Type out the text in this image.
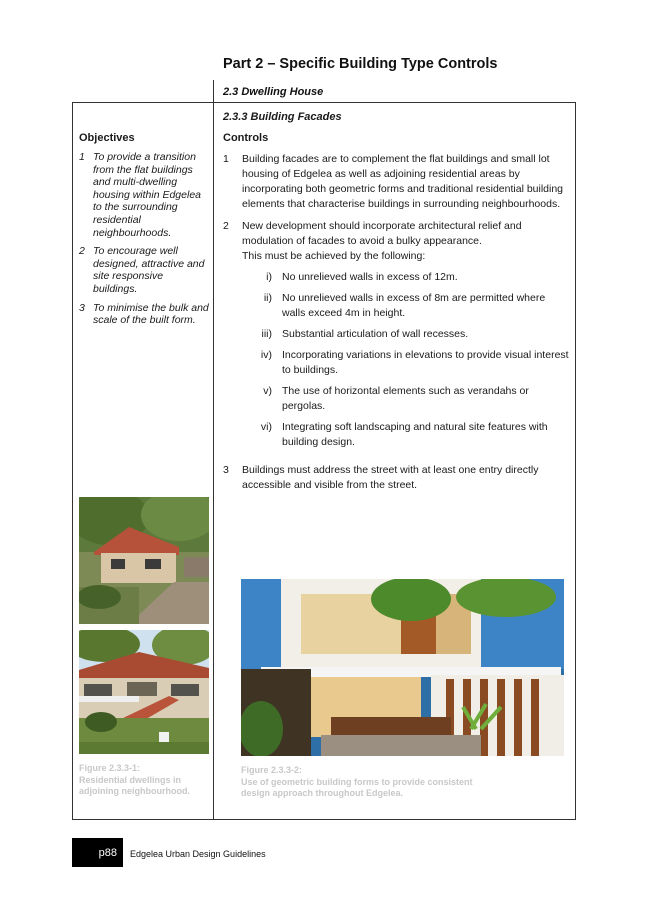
Part 2 – Specific Building Type Controls
2.3 Dwelling House
2.3.3 Building Facades
Objectives	Controls
1 To provide a transition from the flat buildings and multi-dwelling housing within Edgelea to the surrounding residential neighbourhoods.
2 To encourage well designed, attractive and site responsive buildings.
3 To minimise the bulk and scale of the built form.
1	Building facades are to complement the flat buildings and small lot housing of Edgelea as well as adjoining residential areas by incorporating both geometric forms and traditional residential building elements that characterise buildings in surrounding neighbourhoods.
2	New development should incorporate architectural relief and modulation of facades to avoid a bulky appearance.
This must be achieved by the following:
i) No unrelieved walls in excess of 12m.
ii) No unrelieved walls in excess of 8m are permitted where walls exceed 4m in height.
iii) Substantial articulation of wall recesses.
iv) Incorporating variations in elevations to provide visual interest to buildings.
v) The use of horizontal elements such as verandahs or pergolas.
vi) Integrating soft landscaping and natural site features with building design.
3	Buildings must address the street with at least one entry directly accessible and visible from the street.
Figure 2.3.3-1:
Residential dwellings in adjoining neighbourhood.
Figure 2.3.3-2:
Use of geometric building forms to provide consistent design approach throughout Edgelea.
p88	Edgelea Urban Design Guidelines
